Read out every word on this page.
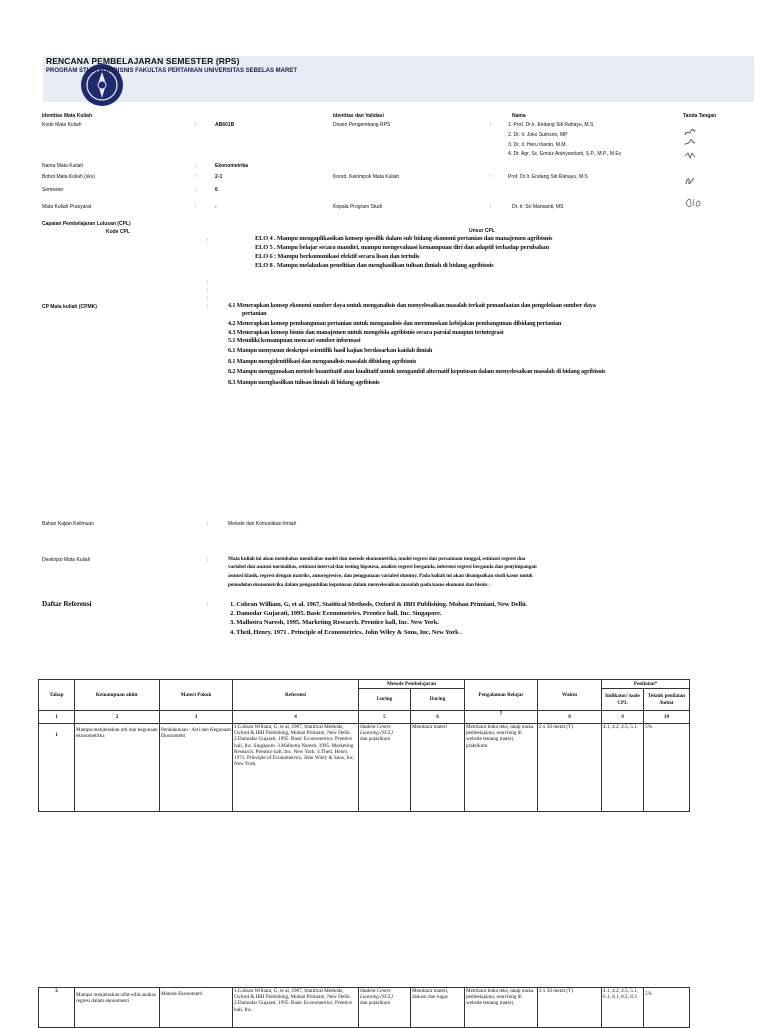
RENCANA PEMBELAJARAN SEMESTER (RPS)
PROGRAM STUDI AGRIBISNIS FAKULTAS PERTANIAN UNIVERSITAS SEBELAS MARET
Identitas Mata Kuliah	Identitas dan Validasi	Nama	Tanda Tangan
Kode Mata Kuliah	:	AB601B	Dosen Pengembang RPS	:	1. Prof. Dr.Ir. Endang Siti Rahayu, M.S
2. Dr. Ir. Joko Sutrisno, MP
3. Dr. Ir. Heru Irianto, M.M.
4. Dr. Agr. Sc. Emoiz Antriyandarti, S.P., M.P., M.Ec
Nama Mata Kuliah	:	Ekonometrika
Bobot Mata Kuliah (sks)	:	2-1	Koord. Kelompok Mata Kuliah	:	Prof. Dr.Ir. Endang Siti Rahayu, M.S
Semester	:	6
Mata Kuliah Prasyarat	:	-	Kepala Program Studi	:	Dr. Ir. Sri Marwanti, MS
Capaian Pembelajaran Lulusan (CPL)
Kode CPL	Unsur CPL
:	ELO 4 . Mampu mengaplikasikan konsep spesifik dalam sub bidang ekonomi pertanian dan manajemen agribisnis
ELO 5 . Mampu belajar secara mandiri, mampu mengevaluasi kemampuan diri dan adaptif terhadap perubahan
ELO 6 : Mampu berkomunikasi efektif secara lisan dan tertulis
ELO 8 . Mampu melakukan penelitian dan menghasilkan tulisan ilmiah di bidang agribisnis
:
:
:
CP Mata kuliah (CPMK)	:	4.1 Menerapkan konsep ekonomi sumber daya untuk menganalisis dan menyelesaikan masalah terkait pemanfaatan dan pengelolaan sumber daya
pertanian
4.2 Menerapkan konsep pembangunan pertanian untuk menganalisis dan merumuskan kebijakan pembangunan dibidang pertanian
4.3 Menerapkan konsep bisnis dan manajemen untuk mengelola agribisnis secara parsial maupun terintegrasi
5.1 Memiliki kemampuan mencari sumber informasi
6.1 Mampu menyusun deskripsi scientifik hasil kajian berdasarkan kaidah ilmiah
8.1 Mampu mengidentifikasi dan menganalisis masalah dibidang agribisnis
8.2 Mampu menggunakan metode kuantitatif atau kualitatif untuk mengambil alternatif keputusan dalam menyelesaikan masalah di bidang agribisnis
8.3 Mampu menghasilkan tulisan ilmiah di bidang agribisnis
Bahan Kajian Keilmuan	:	Metode dan Komunikasi Ilmiah
Deskripsi Mata Kuliah	:	Mata kuliah ini akan membahas membahas model dan metode ekonometrika, model regresi dan persamaan tunggal, estimasi regresi dua
variabel dan asumsi normalitas, estimasi interval dan testing hipotesa, analisis regresi berganda, inferensi regresi berganda dan penyimpangan
asumsi klasik, regresi dengan matriks, autoregresive, dan penggunaan variabel dummy. Pada kuliah ini akan disampaikan studi kasus untuk
pemodelan ekonometrika dalam pengambilan keputusan dalam menyelesaikan masalah pada kasus ekonomi dan bisnis .
Daftar Referensi	:	1. Cohran William, G, et al. 1967, Statitical Methods, Oxford & IBH Publishing. Mohan Primiani, New Delhi.
2. Damodar Gujarati, 1995. Basic Econometrics. Prentice hall, Inc. Singapore.
3. Malhotra Naresh, 1995. Marketing Research. Prentice hall, Inc. New York.
4. Theil, Henry. 1971 . Principle of Econometrics, John Wiley & Sons, Inc, New York .
Tahap	Kemampuan akhir	Materi Pokok	Referensi	Metode Pembelajaran		Pengalaman Belajar	Waktu	Penilaian*	
				Luring	Daring			Indikator/ kode CPL	Teknik penilaian /bobot
1	2	3	4	5	6	7	8	9	10
1	Mampu menjelaskan arti dan kegunaan ekonometrika	Pendahuluan : Arti dan Kegunaan Ekonometri	1.Cohran William, G, et al, 1967, Statitical Methods, Oxford & IBH Publishing, Mohan Primiani, New Delhi. 2.Damodar Gujarati, 1995. Basic Econometrics. Prentice hall, Inc. Singapore. 3.Malhotra Naresh, 1995. Marketing Research. Prentice hall, Inc. New York. 4.Theil, Henry. 1971. Principle of Econometrics, John Wiley & Sons, Inc, New York.	Student Centre Learning (SCL)
dan praktikum	Membaca materi	Membaca buku teks, tatap muka pembelajaran, searching di website tentang materi, praktikum	2 x 50 menit (T)	4.1, 4.2, 4.3, 5.1.	5%
2	Mampu menjelaskan sifat-sifat analisa regresi dalam ekonometri	Metode Ekonometri	1.Cohran William, G, et al, 1967, Statitical Methods, Oxford & IBH Publishing, Mohan Primiani, New Delhi. 2.Damodar Gujarati, 1995. Basic Econometrics. Prentice hall, Inc.	Student Centre Learning (SCL)
dan praktikum	Membaca materi, diskusi dan tugas	Membaca buku teks, tatap muka pembelajaran, searching di website tentang materi,	2 x 50 menit (T)	4.1, 4.2, 4.3, 5.1, 6.1, 8.1, 8.2, 8.3	5%
